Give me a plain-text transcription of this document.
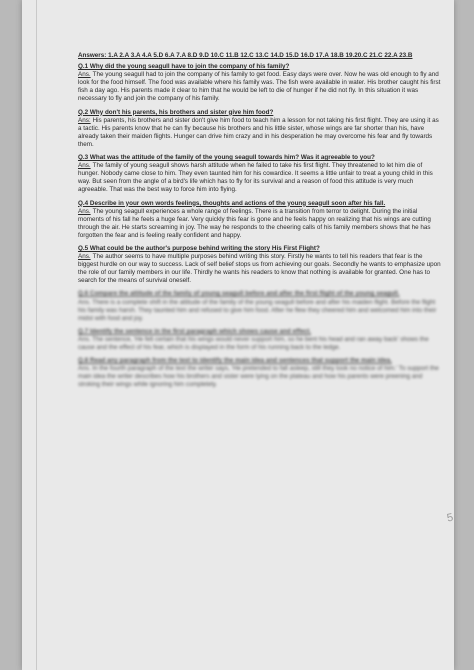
Answers: 1.A 2.A 3.A 4.A 5.D 6.A 7.A 8.D 9.D 10.C 11.B 12.C 13.C 14.D 15.D 16.D 17.A 18.B 19.20.C 21.C 22.A 23.B
Q.1 Why did the young seagull have to join the company of his family?
Ans. The young seagull had to join the company of his family to get food. Easy days were over. Now he was old enough to fly and look for the food himself. The food was available where his family was. The fish were available in water. His brother caught his first fish a day ago. His parents made it clear to him that he would be left to die of hunger if he did not fly. In this situation it was necessary to fly and join the company of his family.
Q.2 Why don't his parents, his brothers and sister give him food?
Ans: His parents, his brothers and sister don't give him food to teach him a lesson for not taking his first flight. They are using it as a tactic. His parents know that he can fly because his brothers and his little sister, whose wings are far shorter than his, have already taken their maiden flights. Hunger can drive him crazy and in his desperation he may overcome his fear and fly towards them.
Q.3 What was the attitude of the family of the young seagull towards him? Was it agreeable to you?
Ans. The family of young seagull shows harsh attitude when he failed to take his first flight. They threatened to let him die of hunger. Nobody came close to him. They even taunted him for his cowardice. It seems a little unfair to treat a young child in this way. But seen from the angle of a bird's life which has to fly for its survival and a reason of food this attitude is very much agreeable. That was the best way to force him into flying.
Q.4 Describe in your own words feelings, thoughts and actions of the young seagull soon after his fall.
Ans. The young seagull experiences a whole range of feelings. There is a transition from terror to delight. During the initial moments of his fall he feels a huge fear. Very quickly this fear is gone and he feels happy on realizing that his wings are cutting through the air. He starts screaming in joy. The way he responds to the cheering calls of his family members shows that he has forgotten the fear and is feeling really confident and happy.
Q.5 What could be the author's purpose behind writing the story His First Flight?
Ans. The author seems to have multiple purposes behind writing this story. Firstly he wants to tell his readers that fear is the biggest hurdle on our way to success. Lack of self belief stops us from achieving our goals. Secondly he wants to emphasize upon the role of our family members in our life. Thirdly he wants his readers to know that nothing is available for granted. One has to search for the means of survival oneself.
Q.6 Compare the attitude of the family of young seagull before and after the first flight of the young seagull.
Ans. There is a complete shift in the attitude of the family of the young seagull before and after his maiden flight. Before the flight his family was harsh. They taunted him and refused to give him food. After he flew they cheered him and welcomed him into their midst with food and joy.
Q.7 Identify the sentence in the first paragraph which shows cause and effect.
Ans. The sentence, 'He felt certain that his wings would never support him, so he bent his head and ran away back' shows the cause and the effect of his fear, which is displayed in the form of his running back to the ledge.
Q.8 Read any paragraph from the text to identify the main idea and sentences that support the main idea.
Ans. In the fourth paragraph of the text the writer says, 'He pretended to fall asleep, still they took no notice of him.' To support the main idea the writer describes how his brothers and sister were lying on the plateau and how his parents were preening and stroking their wings while ignoring him completely.
5
